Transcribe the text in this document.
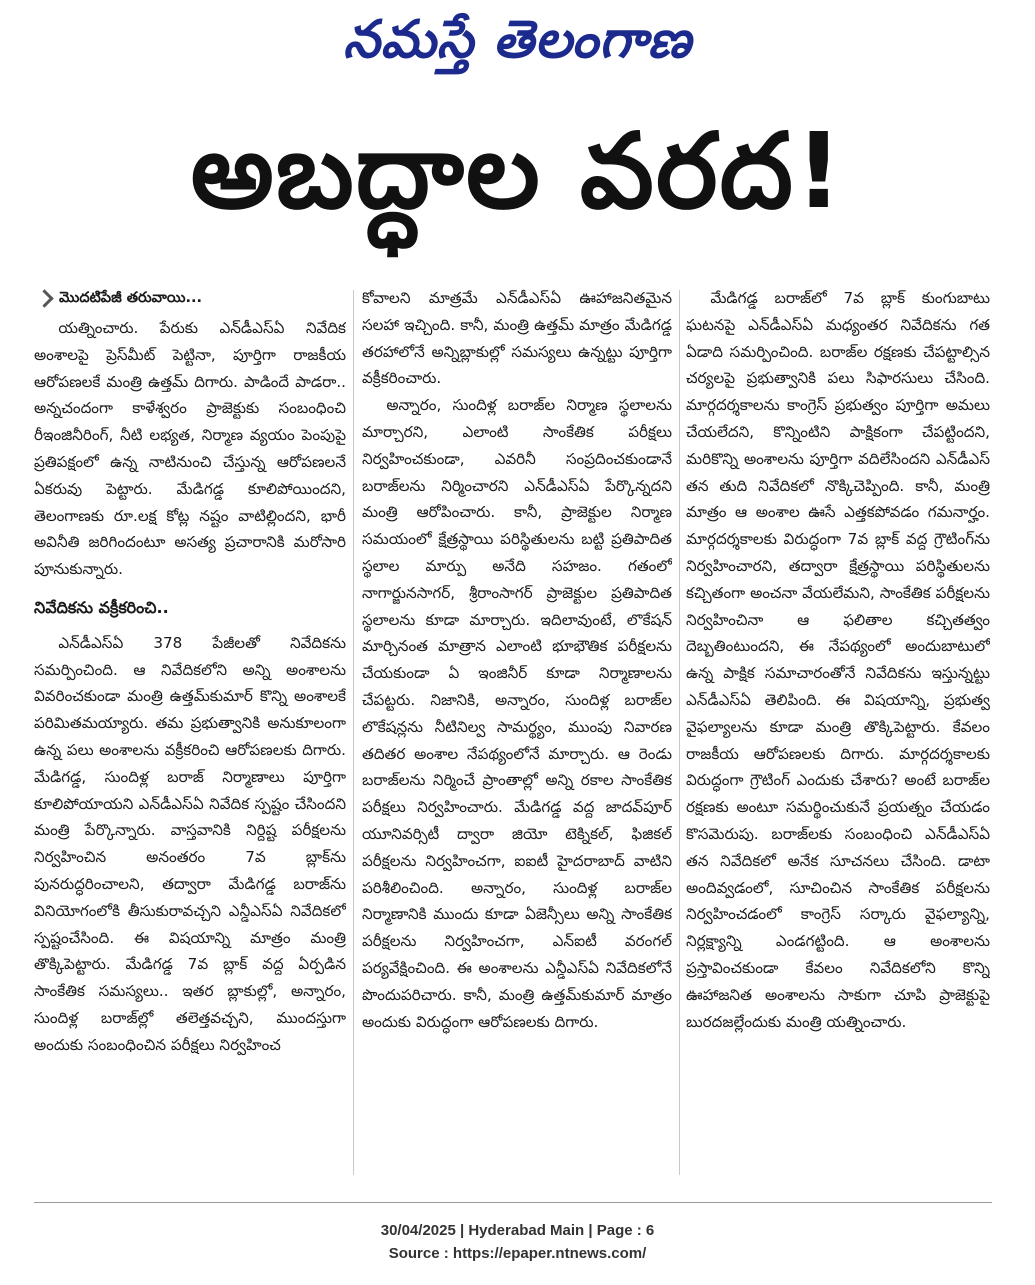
నమస్తే తెలంగాణ
అబద్ధాల వరద!
మొదటిపేజీ తరువాయి...

యత్నించారు. పేరుకు ఎన్‌డీఎస్‌ఏ నివేదిక అంశాలపై ప్రెస్‌మీట్ పెట్టినా, పూర్తిగా రాజకీయ ఆరోపణలకే మంత్రి ఉత్తమ్ దిగారు. పాడిందే పాడరా.. అన్నచందంగా కాళేశ్వరం ప్రాజెక్టుకు సంబంధించి రీఇంజినీరింగ్, నీటి లభ్యత, నిర్మాణ వ్యయం పెంపుపై ప్రతిపక్షంలో ఉన్న నాటినుంచి చేస్తున్న ఆరోపణలనే ఏకరువు పెట్టారు. మేడిగడ్డ కూలిపోయిందని, తెలంగాణకు రూ.లక్ష కోట్ల నష్టం వాటిల్లిందని, భారీ అవినీతి జరిగిందంటూ అసత్య ప్రచారానికి మరోసారి పూనుకున్నారు.

నివేదికను వక్రీకరించి..

ఎన్‌డీఎస్‌ఏ 378 పేజీలతో నివేదికను సమర్పించింది. ఆ నివేదికలోని అన్ని అంశాలను వివరించకుండా మంత్రి ఉత్తమ్‌కుమార్ కొన్ని అంశాలకే పరిమితమయ్యారు. తమ ప్రభుత్వానికి అనుకూలంగా ఉన్న పలు అంశాలను వక్రీకరించి ఆరోపణలకు దిగారు. మేడిగడ్డ, సుందిళ్ల బరాజ్ నిర్మాణాలు పూర్తిగా కూలిపోయాయని ఎన్‌డీఎస్‌ఏ నివేదిక స్పష్టం చేసిందని మంత్రి పేర్కొన్నారు. వాస్తవానికి నిర్దిష్ట పరీక్షలను నిర్వహించిన అనంతరం 7వ బ్లాక్‌ను పునరుద్ధరించాలని, తద్వారా మేడిగడ్డ బరాజ్‌ను వినియోగంలోకి తీసుకురావచ్చని ఎన్డీఎస్‌ఏ నివేదికలో స్పష్టంచేసింది. ఈ విషయాన్ని మాత్రం మంత్రి తొక్కిపెట్టారు. మేడిగడ్డ 7వ బ్లాక్ వద్ద ఏర్పడిన సాంకేతిక సమస్యలు.. ఇతర బ్లాకుల్లో, అన్నారం, సుందిళ్ల బరాజ్‌ల్లో తలెత్తవచ్చని, ముందస్తుగా అందుకు సంబంధించిన పరీక్షలు నిర్వహించ

కోవాలని మాత్రమే ఎన్‌డీఎస్‌ఏ ఊహాజనితమైన సలహా ఇచ్చింది. కానీ, మంత్రి ఉత్తమ్ మాత్రం మేడిగడ్డ తరహాలోనే అన్నిబ్లాకుల్లో సమస్యలు ఉన్నట్టు పూర్తిగా వక్రీకరించారు.

అన్నారం, సుందిళ్ల బరాజ్‌ల నిర్మాణ స్థలాలను మార్చారని, ఎలాంటి సాంకేతిక పరీక్షలు నిర్వహించకుండా, ఎవరినీ సంప్రదించకుండానే బరాజ్‌లను నిర్మించారని ఎన్‌డీఎస్‌ఏ పేర్కొన్నదని మంత్రి ఆరోపించారు. కానీ, ప్రాజెక్టుల నిర్మాణ సమయంలో క్షేత్రస్థాయి పరిస్థితులను బట్టి ప్రతిపాదిత స్థలాల మార్పు అనేది సహజం. గతంలో నాగార్జునసాగర్, శ్రీరాంసాగర్ ప్రాజెక్టుల ప్రతిపాదిత స్థలాలను కూడా మార్చారు. ఇదిలావుంటే, లొకేషన్ మార్చినంత మాత్రాన ఎలాంటి భూభౌతిక పరీక్షలను చేయకుండా ఏ ఇంజినీర్ కూడా నిర్మాణాలను చేపట్టరు. నిజానికి, అన్నారం, సుందిళ్ల బరాజ్‌ల లొకేషన్లను నీటినిల్వ సామర్థ్యం, ముంపు నివారణ తదితర అంశాల నేపథ్యంలోనే మార్చారు. ఆ రెండు బరాజ్‌లను నిర్మించే ప్రాంతాల్లో అన్ని రకాల సాంకేతిక పరీక్షలు నిర్వహించారు. మేడిగడ్డ వద్ద జాదవ్‌పూర్ యూనివర్సిటీ ద్వారా జియో టెక్నికల్, ఫిజికల్ పరీక్షలను నిర్వహించగా, ఐఐటీ హైదరాబాద్ వాటిని పరిశీలించింది. అన్నారం, సుందిళ్ల బరాజ్‌ల నిర్మాణానికి ముందు కూడా ఏజెన్సీలు అన్ని సాంకేతిక పరీక్షలను నిర్వహించగా, ఎన్ఐటీ వరంగల్ పర్యవేక్షించింది. ఈ అంశాలను ఎన్డీఎస్‌ఏ నివేదికలోనే పొందుపరిచారు. కానీ, మంత్రి ఉత్తమ్‌కుమార్ మాత్రం అందుకు విరుద్ధంగా ఆరోపణలకు దిగారు.

మేడిగడ్డ బరాజ్‌లో 7వ బ్లాక్ కుంగుబాటు ఘటనపై ఎన్‌డీఎస్‌ఏ మధ్యంతర నివేదికను గత ఏడాది సమర్పించింది. బరాజ్‌ల రక్షణకు చేపట్టాల్సిన చర్యలపై ప్రభుత్వానికి పలు సిఫారసులు చేసింది. మార్గదర్శకాలను కాంగ్రెస్ ప్రభుత్వం పూర్తిగా అమలు చేయలేదని, కొన్నింటిని పాక్షికంగా చేపట్టిందని, మరికొన్ని అంశాలను పూర్తిగా వదిలేసిందని ఎన్‌డీఎస్ తన తుది నివేదికలో నొక్కిచెప్పింది. కానీ, మంత్రి మాత్రం ఆ అంశాల ఊసే ఎత్తకపోవడం గమనార్హం. మార్గదర్శకాలకు విరుద్ధంగా 7వ బ్లాక్ వద్ద గ్రౌటింగ్‌ను నిర్వహించారని, తద్వారా క్షేత్రస్థాయి పరిస్థితులను కచ్చితంగా అంచనా వేయలేమని, సాంకేతిక పరీక్షలను నిర్వహించినా ఆ ఫలితాల కచ్చితత్వం దెబ్బతింటుందని, ఈ నేపథ్యంలో అందుబాటులో ఉన్న పాక్షిక సమాచారంతోనే నివేదికను ఇస్తున్నట్టు ఎన్‌డీఎస్‌ఏ తెలిపింది. ఈ విషయాన్ని, ప్రభుత్వ వైఫల్యాలను కూడా మంత్రి తొక్కిపెట్టారు. కేవలం రాజకీయ ఆరోపణలకు దిగారు. మార్గదర్శకాలకు విరుద్ధంగా గ్రౌటింగ్ ఎందుకు చేశారు? అంటే బరాజ్‌ల రక్షణకు అంటూ సమర్థించుకునే ప్రయత్నం చేయడం కొసమెరుపు. బరాజ్‌లకు సంబంధించి ఎన్‌డీఎస్‌ఏ తన నివేదికలో అనేక సూచనలు చేసింది. డాటా అందివ్వడంలో, సూచించిన సాంకేతిక పరీక్షలను నిర్వహించడంలో కాంగ్రెస్ సర్కారు వైఫల్యాన్ని, నిర్లక్ష్యాన్ని ఎండగట్టింది. ఆ అంశాలను ప్రస్తావించకుండా కేవలం నివేదికలోని కొన్ని ఊహాజనిత అంశాలను సాకుగా చూపి ప్రాజెక్టుపై బురదజల్లేందుకు మంత్రి యత్నించారు.

30/04/2025 | Hyderabad Main | Page : 6
Source : https://epaper.ntnews.com/
